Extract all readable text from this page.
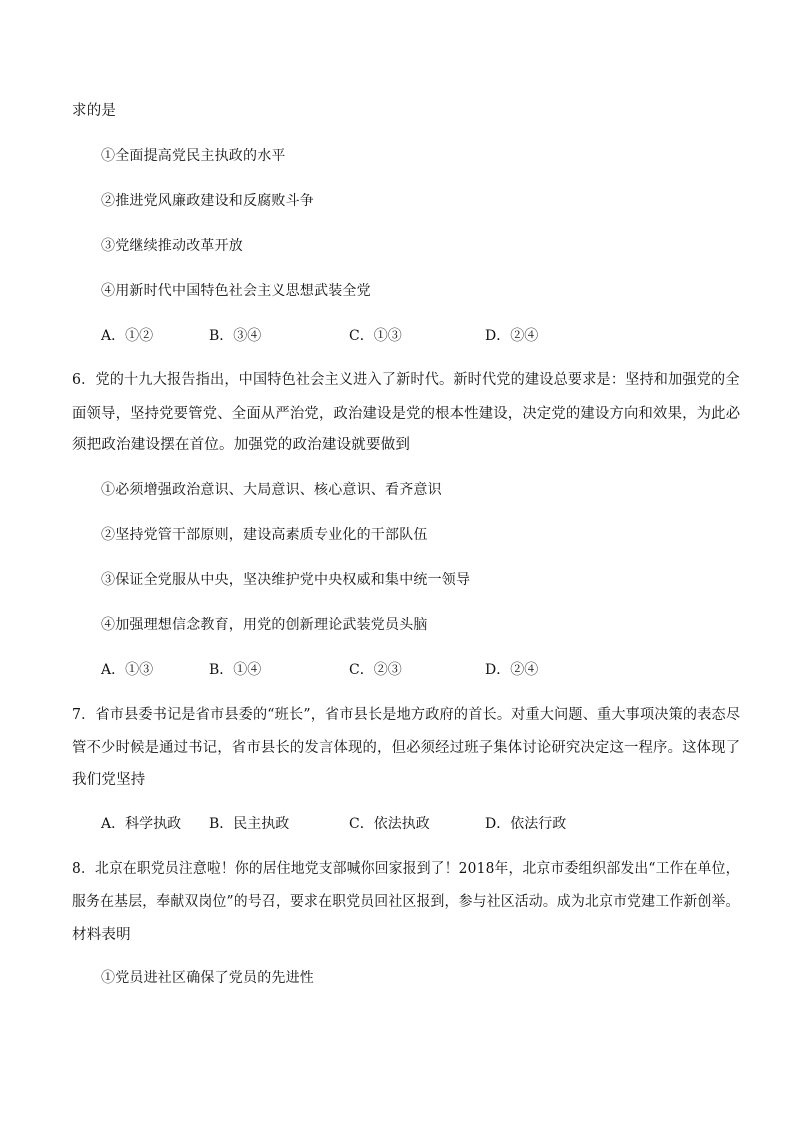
求的是
①全面提高党民主执政的水平
②推进党风廉政建设和反腐败斗争
③党继续推动改革开放
④用新时代中国特色社会主义思想武装全党
A．①②	B．③④	C．①③	D．②④
6．党的十九大报告指出，中国特色社会主义进入了新时代。新时代党的建设总要求是：坚持和加强党的全
面领导，坚持党要管党、全面从严治党，政治建设是党的根本性建设，决定党的建设方向和效果，为此必
须把政治建设摆在首位。加强党的政治建设就要做到
①必须增强政治意识、大局意识、核心意识、看齐意识
②坚持党管干部原则，建设高素质专业化的干部队伍
③保证全党服从中央，坚决维护党中央权威和集中统一领导
④加强理想信念教育，用党的创新理论武装党员头脑
A．①③	B．①④	C．②③	D．②④
7．省市县委书记是省市县委的“班长”，省市县长是地方政府的首长。对重大问题、重大事项决策的表态尽
管不少时候是通过书记，省市县长的发言体现的，但必须经过班子集体讨论研究决定这一程序。这体现了
我们党坚持
A．科学执政 B．民主执政	C．依法执政	D．依法行政
8．北京在职党员注意啦！你的居住地党支部喊你回家报到了！2018年，北京市委组织部发出“工作在单位，
服务在基层，奉献双岗位”的号召，要求在职党员回社区报到，参与社区活动。成为北京市党建工作新创举。
材料表明
①党员进社区确保了党员的先进性
